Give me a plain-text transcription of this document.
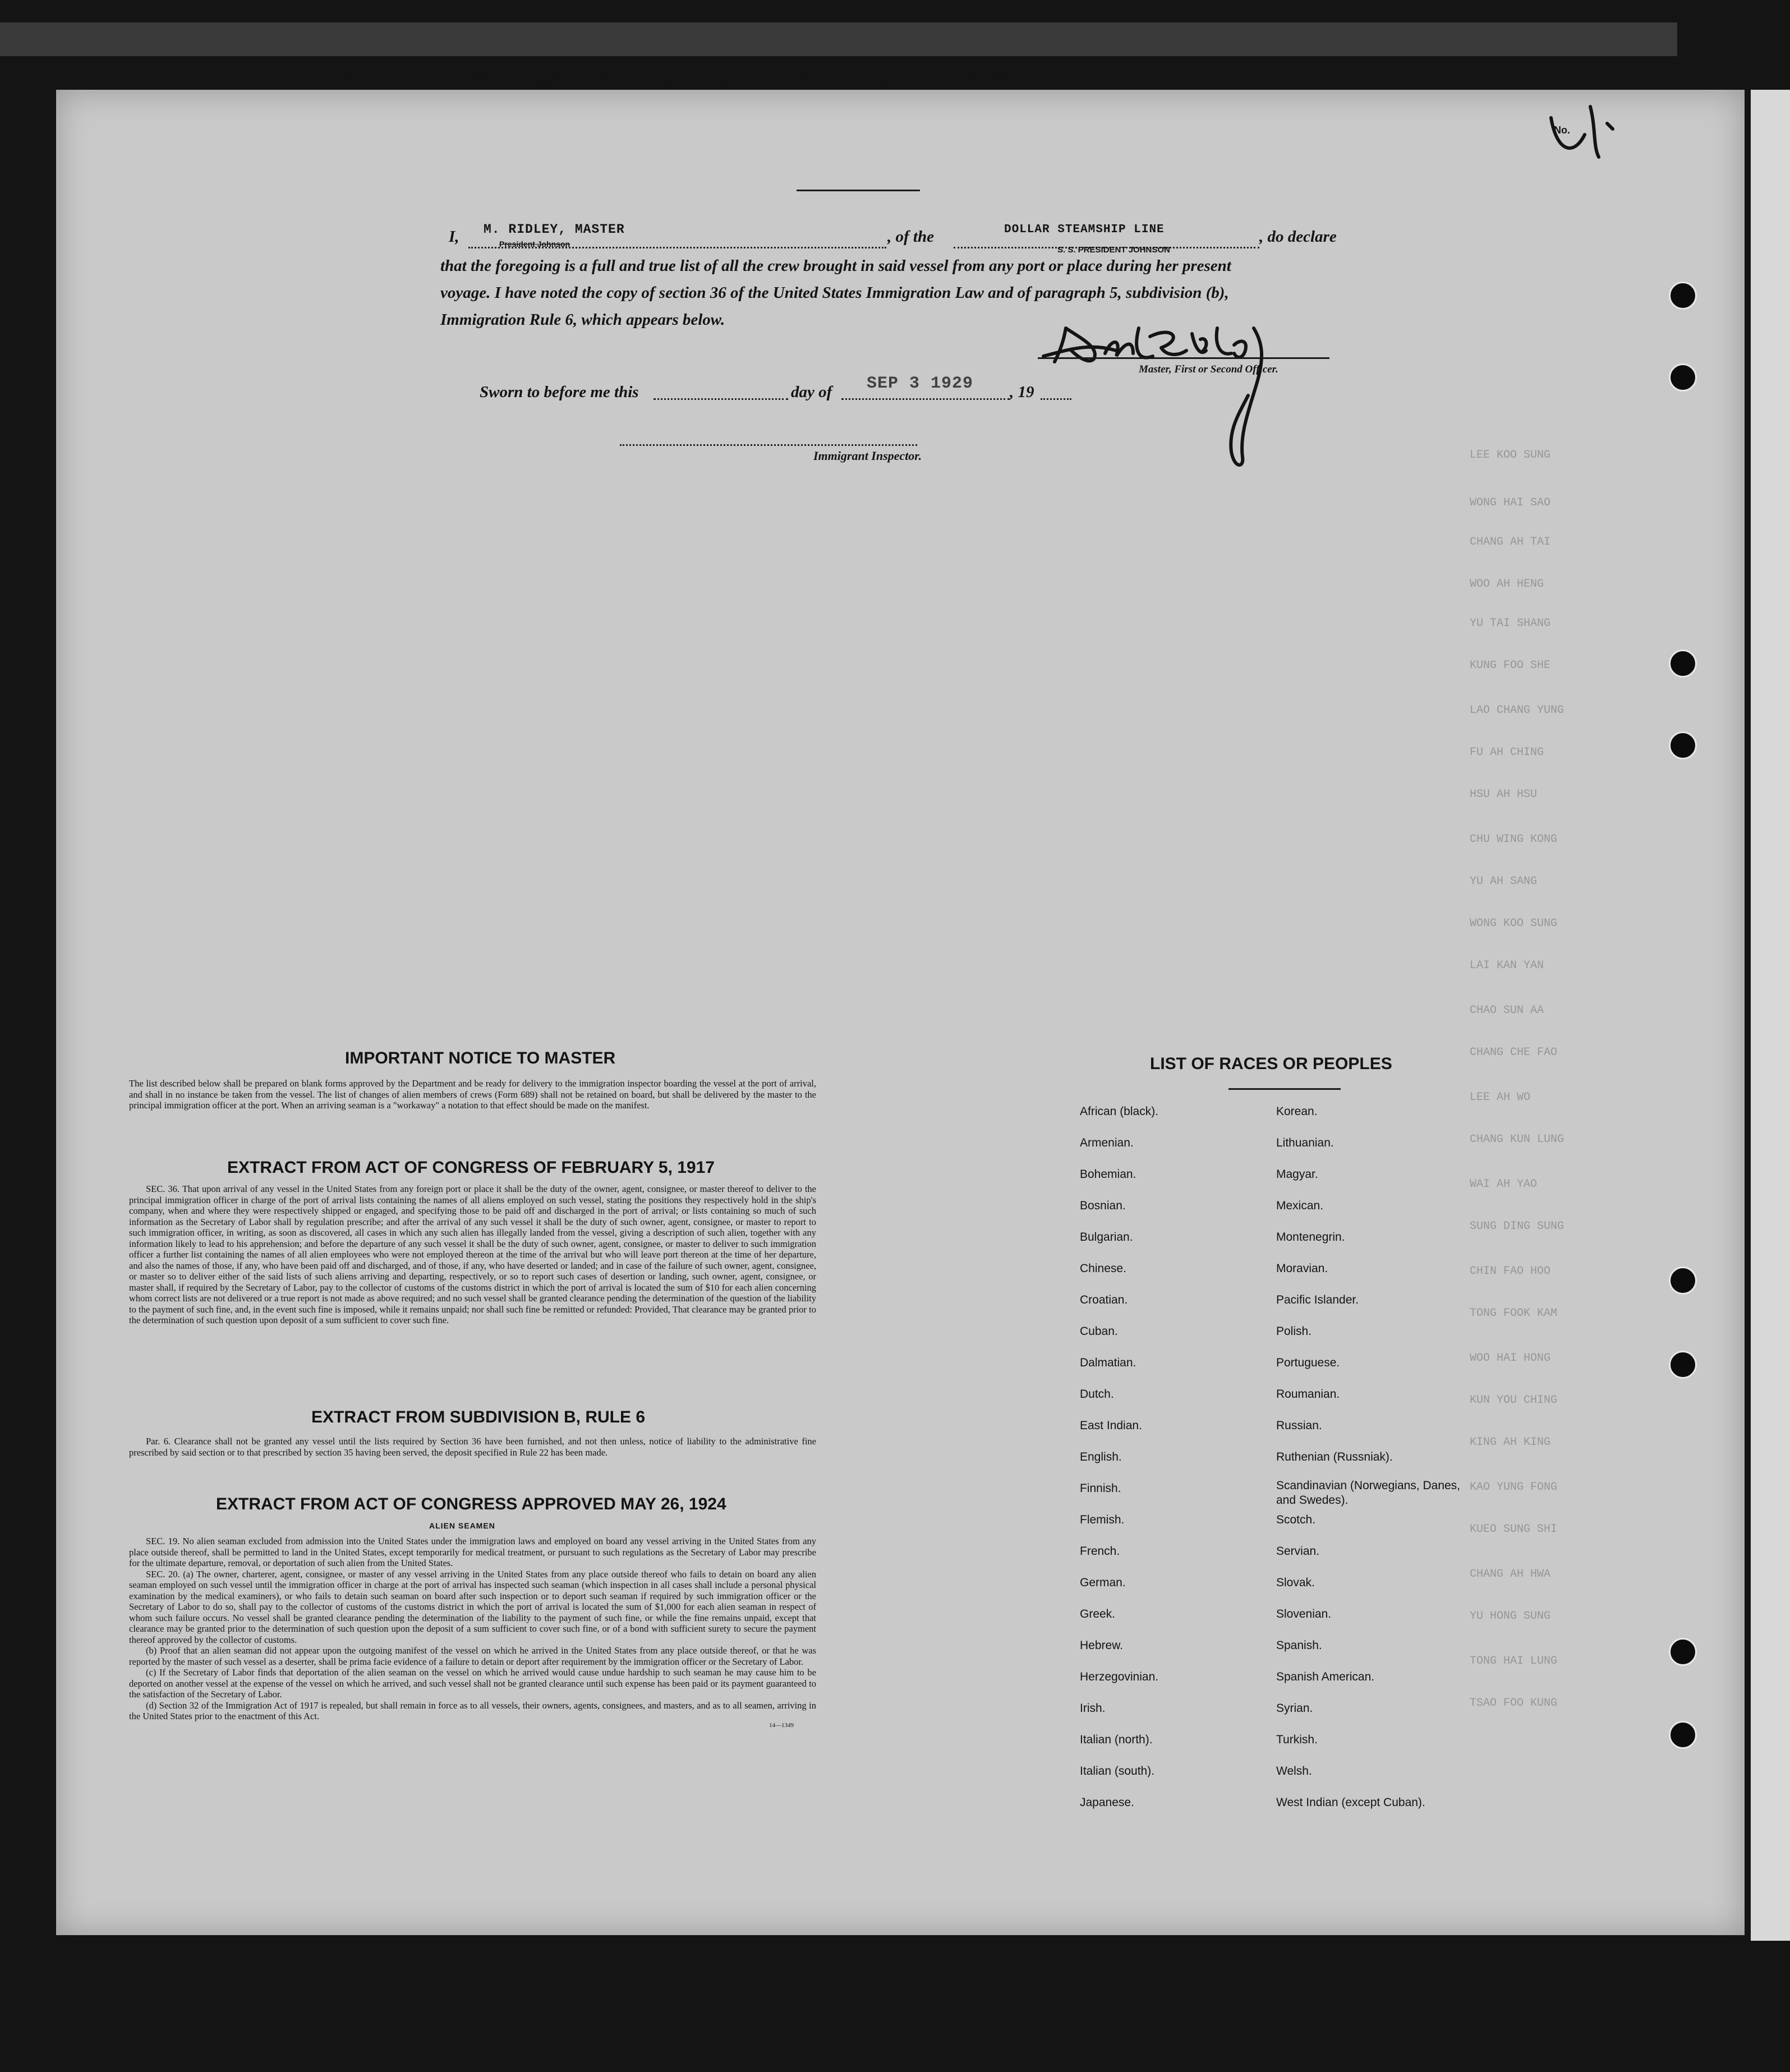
LEE KOO SUNG
WONG HAI SAO
CHANG AH TAI
WOO AH HENG
YU TAI SHANG
KUNG FOO SHE
LAO CHANG YUNG
FU AH CHING
HSU AH HSU
CHU WING KONG
YU AH SANG
WONG KOO SUNG
LAI KAN YAN
CHAO SUN AA
CHANG CHE FAO
LEE AH WO
CHANG KUN LUNG
WAI AH YAO
SUNG DING SUNG
CHIN FAO HOO
TONG FOOK KAM
WOO HAI HONG
KUN YOU CHING
KING AH KING
KAO YUNG FONG
KUEO SUNG SHI
CHANG AH HWA
YU HONG SUNG
TONG HAI LUNG
TSAO FOO KUNG
No.
AFFIDAVIT OF THE MASTER OR COMMANDING OFFICER, OR FIRST OR SECOND OFFICER
I, M. RIDLEY, MASTER
President Johnson	, of the	DOLLAR STEAMSHIP LINE
S. S. PRESIDENT JOHNSON
, do declare
that the foregoing is a full and true list of all the crew brought in said vessel from any port or place during her present
voyage. I have noted the copy of section 36 of the United States Immigration Law and of paragraph 5, subdivision (b),
Immigration Rule 6, which appears below.
Master, First or Second Officer.
Sworn to before me this	day of SEP 3 1929 , 19
Immigrant Inspector.
IMPORTANT NOTICE TO MASTER
The list described below shall be prepared on blank forms approved by the Department and be ready for delivery to the immigration inspector boarding the vessel at the port of arrival, and shall in no instance be taken from the vessel. The list of changes of alien members of crews (Form 689) shall not be retained on board, but shall be delivered by the master to the principal immigration officer at the port. When an arriving seaman is a "workaway" a notation to that effect should be made on the manifest.
EXTRACT FROM ACT OF CONGRESS OF FEBRUARY 5, 1917
SEC. 36. That upon arrival of any vessel in the United States from any foreign port or place it shall be the duty of the owner, agent, consignee, or master thereof to deliver to the principal immigration officer in charge of the port of arrival lists containing the names of all aliens employed on such vessel, stating the positions they respectively hold in the ship's company, when and where they were respectively shipped or engaged, and specifying those to be paid off and discharged in the port of arrival; or lists containing so much of such information as the Secretary of Labor shall by regulation prescribe; and after the arrival of any such vessel it shall be the duty of such owner, agent, consignee, or master to report to such immigration officer, in writing, as soon as discovered, all cases in which any such alien has illegally landed from the vessel, giving a description of such alien, together with any information likely to lead to his apprehension; and before the departure of any such vessel it shall be the duty of such owner, agent, consignee, or master to deliver to such immigration officer a further list containing the names of all alien employees who were not employed thereon at the time of the arrival but who will leave port thereon at the time of her departure, and also the names of those, if any, who have been paid off and discharged, and of those, if any, who have deserted or landed; and in case of the failure of such owner, agent, consignee, or master so to deliver either of the said lists of such aliens arriving and departing, respectively, or so to report such cases of desertion or landing, such owner, agent, consignee, or master shall, if required by the Secretary of Labor, pay to the collector of customs of the customs district in which the port of arrival is located the sum of $10 for each alien concerning whom correct lists are not delivered or a true report is not made as above required; and no such vessel shall be granted clearance pending the determination of the question of the liability to the payment of such fine, and, in the event such fine is imposed, while it remains unpaid; nor shall such fine be remitted or refunded: Provided, That clearance may be granted prior to the determination of such question upon deposit of a sum sufficient to cover such fine.
EXTRACT FROM SUBDIVISION B, RULE 6
Par. 6. Clearance shall not be granted any vessel until the lists required by Section 36 have been furnished, and not then unless, notice of liability to the administrative fine prescribed by said section or to that prescribed by section 35 having been served, the deposit specified in Rule 22 has been made.
EXTRACT FROM ACT OF CONGRESS APPROVED MAY 26, 1924
ALIEN SEAMEN
SEC. 19. No alien seaman excluded from admission into the United States under the immigration laws and employed on board any vessel arriving in the United States from any place outside thereof, shall be permitted to land in the United States, except temporarily for medical treatment, or pursuant to such regulations as the Secretary of Labor may prescribe for the ultimate departure, removal, or deportation of such alien from the United States.
SEC. 20. (a) The owner, charterer, agent, consignee, or master of any vessel arriving in the United States from any place outside thereof who fails to detain on board any alien seaman employed on such vessel until the immigration officer in charge at the port of arrival has inspected such seaman (which inspection in all cases shall include a personal physical examination by the medical examiners), or who fails to detain such seaman on board after such inspection or to deport such seaman if required by such immigration officer or the Secretary of Labor to do so, shall pay to the collector of customs of the customs district in which the port of arrival is located the sum of $1,000 for each alien seaman in respect of whom such failure occurs. No vessel shall be granted clearance pending the determination of the liability to the payment of such fine, or while the fine remains unpaid, except that clearance may be granted prior to the determination of such question upon the deposit of a sum sufficient to cover such fine, or of a bond with sufficient surety to secure the payment thereof approved by the collector of customs.
(b) Proof that an alien seaman did not appear upon the outgoing manifest of the vessel on which he arrived in the United States from any place outside thereof, or that he was reported by the master of such vessel as a deserter, shall be prima facie evidence of a failure to detain or deport after requirement by the immigration officer or the Secretary of Labor.
(c) If the Secretary of Labor finds that deportation of the alien seaman on the vessel on which he arrived would cause undue hardship to such seaman he may cause him to be deported on another vessel at the expense of the vessel on which he arrived, and such vessel shall not be granted clearance until such expense has been paid or its payment guaranteed to the satisfaction of the Secretary of Labor.
(d) Section 32 of the Immigration Act of 1917 is repealed, but shall remain in force as to all vessels, their owners, agents, consignees, and masters, and as to all seamen, arriving in the United States prior to the enactment of this Act.
14—1349
LIST OF RACES OR PEOPLES
African (black).
Armenian.
Bohemian.
Bosnian.
Bulgarian.
Chinese.
Croatian.
Cuban.
Dalmatian.
Dutch.
East Indian.
English.
Finnish.
Flemish.
French.
German.
Greek.
Hebrew.
Herzegovinian.
Irish.
Italian (north).
Italian (south).
Japanese.
Korean.
Lithuanian.
Magyar.
Mexican.
Montenegrin.
Moravian.
Pacific Islander.
Polish.
Portuguese.
Roumanian.
Russian.
Ruthenian (Russniak).
Scandinavian (Norwegians, Danes, and Swedes).
Scotch.
Servian.
Slovak.
Slovenian.
Spanish.
Spanish American.
Syrian.
Turkish.
Welsh.
West Indian (except Cuban).
